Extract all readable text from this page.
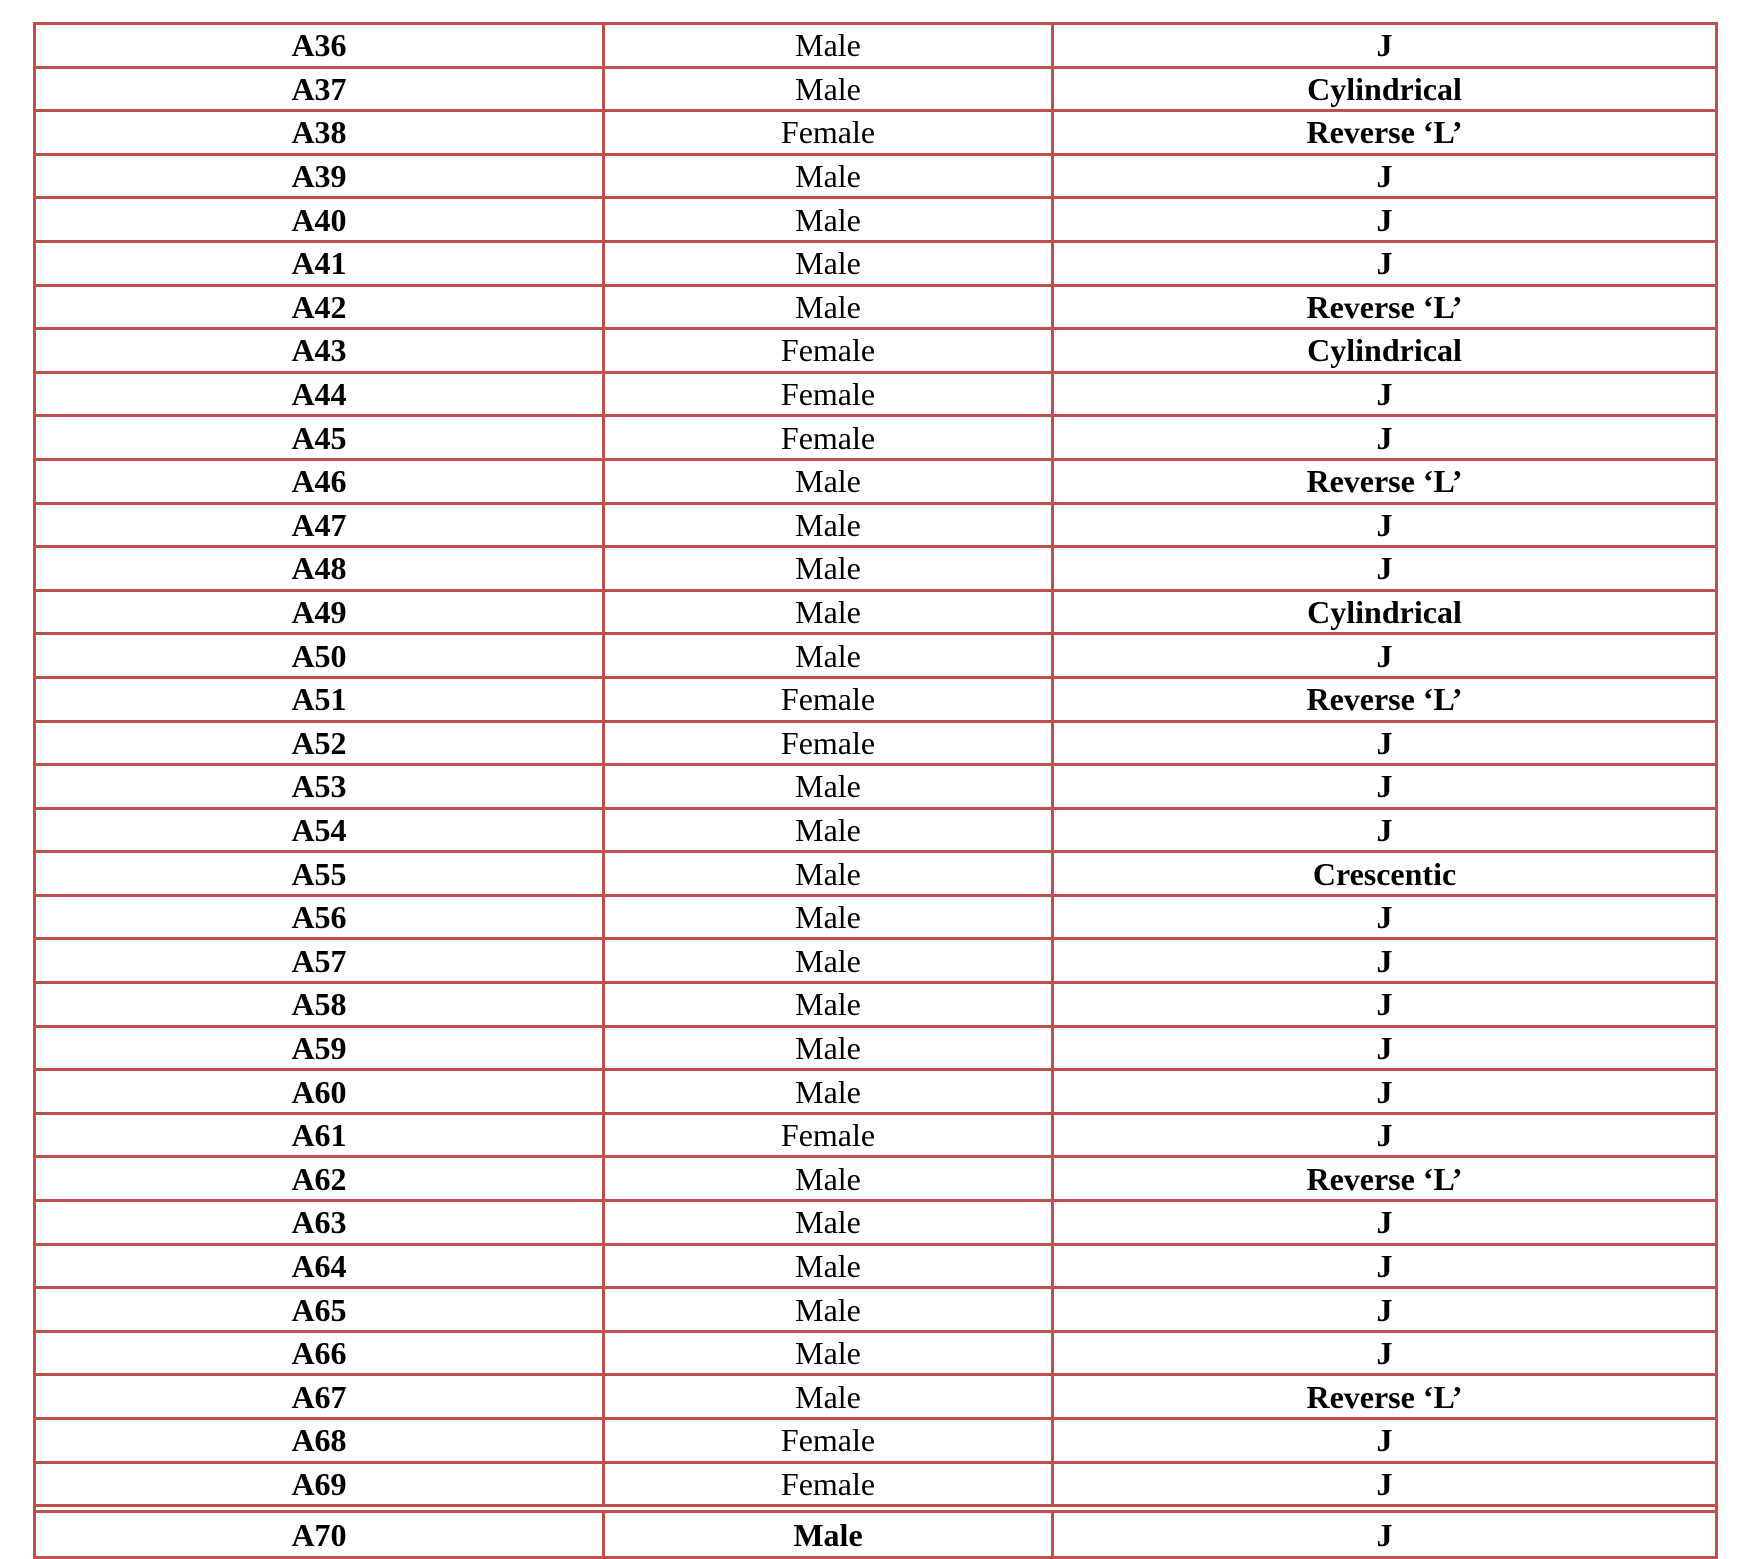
A36	Male	J
A37	Male	Cylindrical
A38	Female	Reverse ‘L’
A39	Male	J
A40	Male	J
A41	Male	J
A42	Male	Reverse ‘L’
A43	Female	Cylindrical
A44	Female	J
A45	Female	J
A46	Male	Reverse ‘L’
A47	Male	J
A48	Male	J
A49	Male	Cylindrical
A50	Male	J
A51	Female	Reverse ‘L’
A52	Female	J
A53	Male	J
A54	Male	J
A55	Male	Crescentic
A56	Male	J
A57	Male	J
A58	Male	J
A59	Male	J
A60	Male	J
A61	Female	J
A62	Male	Reverse ‘L’
A63	Male	J
A64	Male	J
A65	Male	J
A66	Male	J
A67	Male	Reverse ‘L’
A68	Female	J
A69	Female	J
A70	Male	J
